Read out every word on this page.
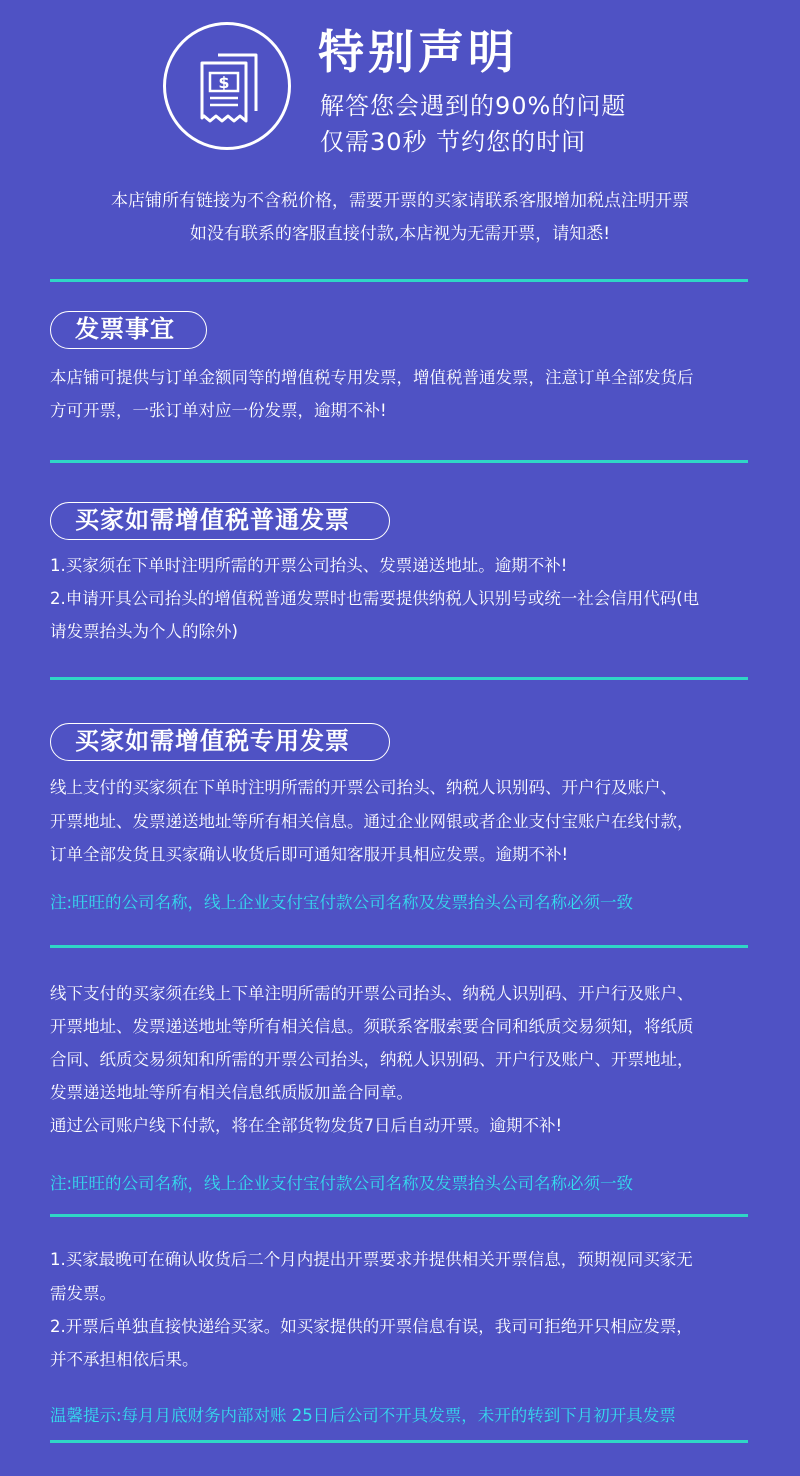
$
特别声明
解答您会遇到的90%的问题
仅需30秒 节约您的时间
本店铺所有链接为不含税价格，需要开票的买家请联系客服增加税点注明开票
如没有联系的客服直接付款,本店视为无需开票，请知悉!
发票事宜
本店铺可提供与订单金额同等的增值税专用发票，增值税普通发票，注意订单全部发货后
方可开票，一张订单对应一份发票，逾期不补!
买家如需增值税普通发票
1.买家须在下单时注明所需的开票公司抬头、发票递送地址。逾期不补!
2.申请开具公司抬头的增值税普通发票时也需要提供纳税人识别号或统一社会信用代码(电
请发票抬头为个人的除外)
买家如需增值税专用发票
线上支付的买家须在下单时注明所需的开票公司抬头、纳税人识别码、开户行及账户、
开票地址、发票递送地址等所有相关信息。通过企业网银或者企业支付宝账户在线付款，
订单全部发货且买家确认收货后即可通知客服开具相应发票。逾期不补!
注:旺旺的公司名称，线上企业支付宝付款公司名称及发票抬头公司名称必须一致
线下支付的买家须在线上下单注明所需的开票公司抬头、纳税人识别码、开户行及账户、
开票地址、发票递送地址等所有相关信息。须联系客服索要合同和纸质交易须知，将纸质
合同、纸质交易须知和所需的开票公司抬头，纳税人识别码、开户行及账户、开票地址，
发票递送地址等所有相关信息纸质版加盖合同章。
通过公司账户线下付款，将在全部货物发货7日后自动开票。逾期不补!
注:旺旺的公司名称，线上企业支付宝付款公司名称及发票抬头公司名称必须一致
1.买家最晚可在确认收货后二个月内提出开票要求并提供相关开票信息，预期视同买家无
需发票。
2.开票后单独直接快递给买家。如买家提供的开票信息有误，我司可拒绝开只相应发票，
并不承担相依后果。
温馨提示:每月月底财务内部对账 25日后公司不开具发票，未开的转到下月初开具发票
